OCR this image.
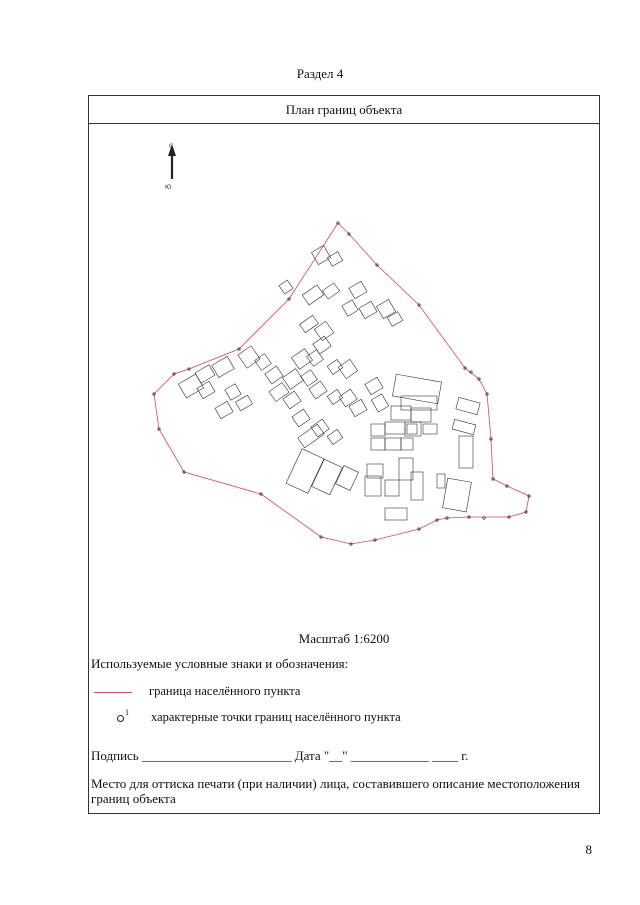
Раздел 4
План границ объекта
С
Ю
Масштаб 1:6200
Используемые условные знаки и обозначения:
граница населённого пункта
1 характерные точки границ населённого пункта
Подпись _______________________ Дата "__" ____________ ____ г.
Место для оттиска печати (при наличии) лица, составившего описание местоположения границ объекта
8
